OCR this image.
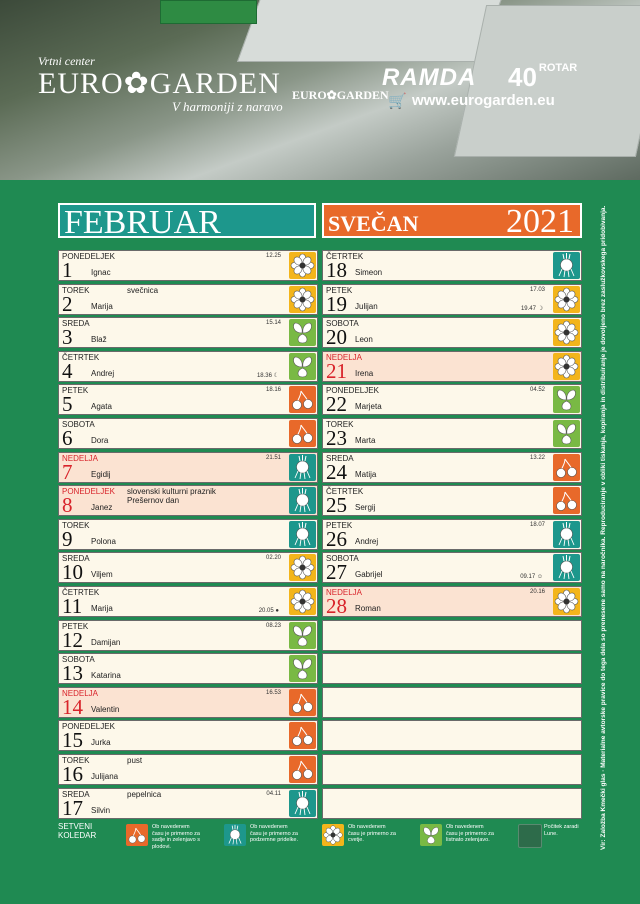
EURO✿GARDEN
Vrtni center
EURO✿GARDEN
V harmoniji z naravo
RAMDA 40 $^{ROTAR}$
🛒 www.eurogarden.eu
FEBRUAR	SVEČAN	2021
PONEDELJEK
1 Ignac
12.25
TOREK
2 Marija
svečnica
SREDA
3 Blaž
15.14
ČETRTEK
4 Andrej	18.36 ☾
PETEK
5 Agata
18.16
SOBOTA
6 Dora
NEDELJA
7 Egidij
21.51
PONEDELJEK
8 Janez
slovenski kulturni praznik
Prešernov dan
TOREK
9 Polona
SREDA
10 Viljem
02.20
ČETRTEK
11 Marija	20.05 ●
PETEK
12 Damijan
08.23
SOBOTA
13 Katarina
NEDELJA
14 Valentin
16.53
PONEDELJEK
15 Jurka
TOREK
16 Julijana
pust
SREDA
17 Silvin
pepelnica	04.11
ČETRTEK
18 Simeon
PETEK
19 Julijan
17.03
19.47 ☽
SOBOTA
20 Leon
NEDELJA
21 Irena
PONEDELJEK
22 Marjeta
04.52
TOREK
23 Marta
SREDA
24 Matija
13.22
ČETRTEK
25 Sergij
PETEK
26 Andrej
18.07
SOBOTA
27 Gabrijel	09.17 ☺
NEDELJA
28 Roman
20.16
SETVENI
KOLEDAR
Ob navedenem času je primerno za sadje in zelenjavo s plodovi.
Ob navedenem času je primerno za podzemne pridelke.
Ob navedenem času je primerno za cvetje.
Ob navedenem času je primerno za listnato zelenjavo.
Počitek zaradi Lune.	Vir: Založba Kmečki glas · Materialne avtorske pravice do tega dela so prenesene samo na naročnika. Reproduciranje v obliki tiskanja, kopiranja in distribuiranje je dovoljeno brez zaslužkovskega pridobivanja.
